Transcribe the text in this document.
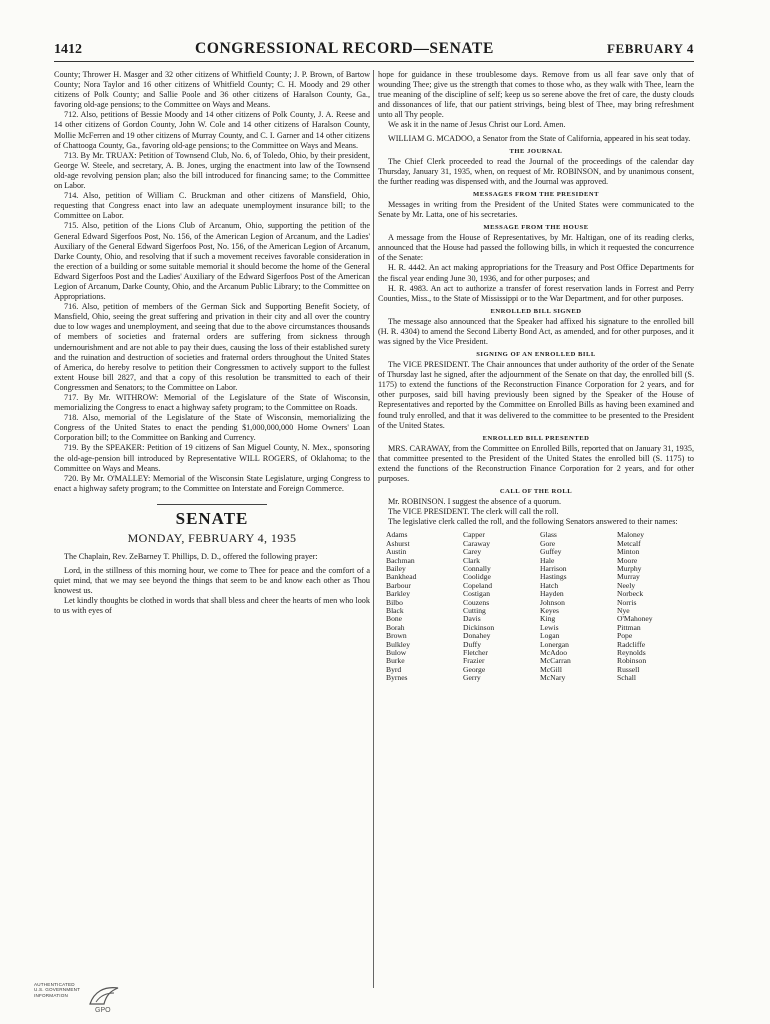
1412	CONGRESSIONAL RECORD—SENATE	FEBRUARY 4

County; Thrower H. Masger and 32 other citizens of Whitfield County; J. P. Brown, of Bartow County; Nora Taylor and 16 other citizens of Whitfield County; C. H. Moody and 29 other citizens of Polk County; and Sallie Poole and 36 other citizens of Haralson County, Ga., favoring old-age pensions; to the Committee on Ways and Means.

712. Also, petitions of Bessie Moody and 14 other citizens of Polk County, J. A. Reese and 14 other citizens of Gordon County, John W. Cole and 14 other citizens of Haralson County, Mollie McFerren and 19 other citizens of Murray County, and C. I. Garner and 14 other citizens of Chattooga County, Ga., favoring old-age pensions; to the Committee on Ways and Means.

713. By Mr. TRUAX: Petition of Townsend Club, No. 6, of Toledo, Ohio, by their president, George W. Steele, and secretary, A. B. Jones, urging the enactment into law of the Townsend old-age revolving pension plan; also the bill introduced for financing same; to the Committee on Labor.

714. Also, petition of William C. Bruckman and other citizens of Mansfield, Ohio, requesting that Congress enact into law an adequate unemployment insurance bill; to the Committee on Labor.

715. Also, petition of the Lions Club of Arcanum, Ohio, supporting the petition of the General Edward Sigerfoos Post, No. 156, of the American Legion of Arcanum, and the Ladies' Auxiliary of the General Edward Sigerfoos Post, No. 156, of the American Legion of Arcanum, Darke County, Ohio, and resolving that if such a movement receives favorable consideration in the erection of a building or some suitable memorial it should become the home of the General Edward Sigerfoos Post and the Ladies' Auxiliary of the Edward Sigerfoos Post of the American Legion of Arcanum, Darke County, Ohio, and the Arcanum Public Library; to the Committee on Appropriations.

716. Also, petition of members of the German Sick and Supporting Benefit Society, of Mansfield, Ohio, seeing the great suffering and privation in their city and all over the country due to low wages and unemployment, and seeing that due to the above circumstances thousands of members of societies and fraternal orders are suffering from sickness through undernourishment and are not able to pay their dues, causing the loss of their established surety and the ruination and destruction of societies and fraternal orders throughout the United States of America, do hereby resolve to petition their Congressmen to actively support to the fullest extent House bill 2827, and that a copy of this resolution be transmitted to each of their Congressmen and Senators; to the Committee on Labor.

717. By Mr. WITHROW: Memorial of the Legislature of the State of Wisconsin, memorializing the Congress to enact a highway safety program; to the Committee on Roads.

718. Also, memorial of the Legislature of the State of Wisconsin, memorializing the Congress of the United States to enact the pending $1,000,000,000 Home Owners' Loan Corporation bill; to the Committee on Banking and Currency.

719. By the SPEAKER: Petition of 19 citizens of San Miguel County, N. Mex., sponsoring the old-age-pension bill introduced by Representative WILL ROGERS, of Oklahoma; to the Committee on Ways and Means.

720. By Mr. O'MALLEY: Memorial of the Wisconsin State Legislature, urging Congress to enact a highway safety program; to the Committee on Interstate and Foreign Commerce.

SENATE
MONDAY, FEBRUARY 4, 1935

The Chaplain, Rev. ZeBarney T. Phillips, D. D., offered the following prayer:

Lord, in the stillness of this morning hour, we come to Thee for peace and the comfort of a quiet mind, that we may see beyond the things that seem to be and know each other as Thou knowest us.

Let kindly thoughts be clothed in words that shall bless and cheer the hearts of men who look to us with eyes of

hope for guidance in these troublesome days. Remove from us all fear save only that of wounding Thee; give us the strength that comes to those who, as they walk with Thee, learn the true meaning of the discipline of self; keep us so serene above the fret of care, the dusty clouds and dissonances of life, that our patient strivings, being blest of Thee, may bring refreshment unto all Thy people.

We ask it in the name of Jesus Christ our Lord. Amen.

WILLIAM G. MCADOO, a Senator from the State of California, appeared in his seat today.

THE JOURNAL

The Chief Clerk proceeded to read the Journal of the proceedings of the calendar day Thursday, January 31, 1935, when, on request of Mr. ROBINSON, and by unanimous consent, the further reading was dispensed with, and the Journal was approved.

MESSAGES FROM THE PRESIDENT

Messages in writing from the President of the United States were communicated to the Senate by Mr. Latta, one of his secretaries.

MESSAGE FROM THE HOUSE

A message from the House of Representatives, by Mr. Haltigan, one of its reading clerks, announced that the House had passed the following bills, in which it requested the concurrence of the Senate:

H. R. 4442. An act making appropriations for the Treasury and Post Office Departments for the fiscal year ending June 30, 1936, and for other purposes; and

H. R. 4983. An act to authorize a transfer of forest reservation lands in Forrest and Perry Counties, Miss., to the State of Mississippi or to the War Department, and for other purposes.

ENROLLED BILL SIGNED

The message also announced that the Speaker had affixed his signature to the enrolled bill (H. R. 4304) to amend the Second Liberty Bond Act, as amended, and for other purposes, and it was signed by the Vice President.

SIGNING OF AN ENROLLED BILL

The VICE PRESIDENT. The Chair announces that under authority of the order of the Senate of Thursday last he signed, after the adjournment of the Senate on that day, the enrolled bill (S. 1175) to extend the functions of the Reconstruction Finance Corporation for 2 years, and for other purposes, said bill having previously been signed by the Speaker of the House of Representatives and reported by the Committee on Enrolled Bills as having been examined and found truly enrolled, and that it was delivered to the committee to be presented to the President of the United States.

ENROLLED BILL PRESENTED

MRS. CARAWAY, from the Committee on Enrolled Bills, reported that on January 31, 1935, that committee presented to the President of the United States the enrolled bill (S. 1175) to extend the functions of the Reconstruction Finance Corporation for 2 years, and for other purposes.

CALL OF THE ROLL

Mr. ROBINSON. I suggest the absence of a quorum.

The VICE PRESIDENT. The clerk will call the roll.

The legislative clerk called the roll, and the following Senators answered to their names:

Adams
Ashurst
Austin
Bachman
Bailey
Bankhead
Barbour
Barkley
Bilbo
Black
Bone
Borah
Brown
Bulkley
Bulow
Burke
Byrd
Byrnes
Capper
Caraway
Carey
Clark
Connally
Coolidge
Copeland
Costigan
Couzens
Cutting
Davis
Dickinson
Donahey
Duffy
Fletcher
Frazier
George
Gerry
Glass
Gore
Guffey
Hale
Harrison
Hastings
Hatch
Hayden
Johnson
Keyes
King
Lewis
Logan
Lonergan
McAdoo
McCarran
McGill
McNary
Maloney
Metcalf
Minton
Moore
Murphy
Murray
Neely
Norbeck
Norris
Nye
O'Mahoney
Pittman
Pope
Radcliffe
Reynolds
Robinson
Russell
Schall
AUTHENTICATED
U.S. GOVERNMENT
INFORMATION
GPO
